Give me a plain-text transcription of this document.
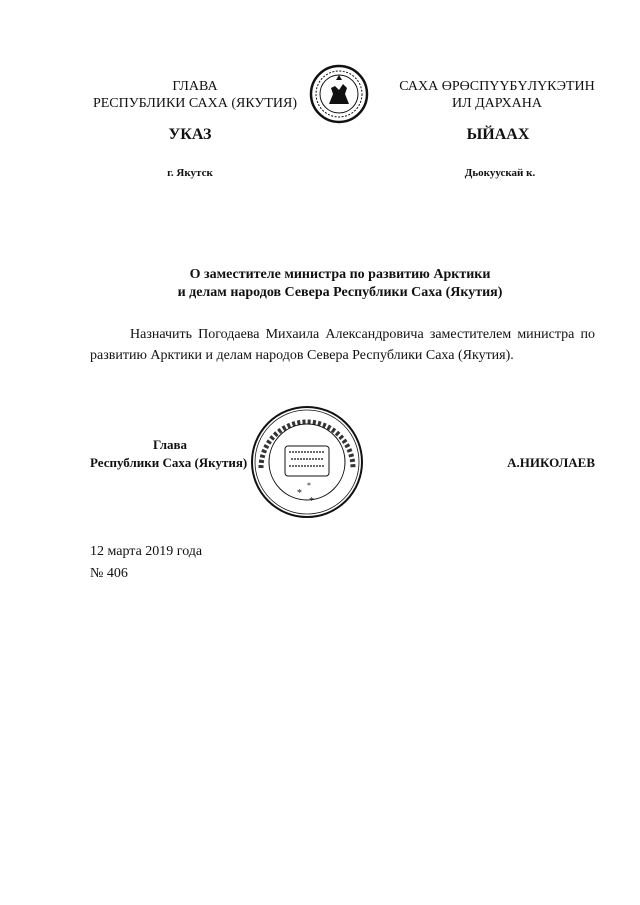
ГЛАВА
РЕСПУБЛИКИ САХА (ЯКУТИЯ)
САХА ӨРӨСПҮҮБҮЛҮКЭТИН
ИЛ ДАРХАНА
УКАЗ	ЫЙААХ
г. Якутск	Дьокуускай к.
О заместителе министра по развитию Арктики
и делам народов Севера Республики Саха (Якутия)
Назначить Погодаева Михаила Александровича заместителем министра по развитию Арктики и делам народов Севера Республики Саха (Якутия).
Глава
Республики Саха (Якутия)
*
*
*
А.НИКОЛАЕВ
12 марта 2019 года
№ 406
